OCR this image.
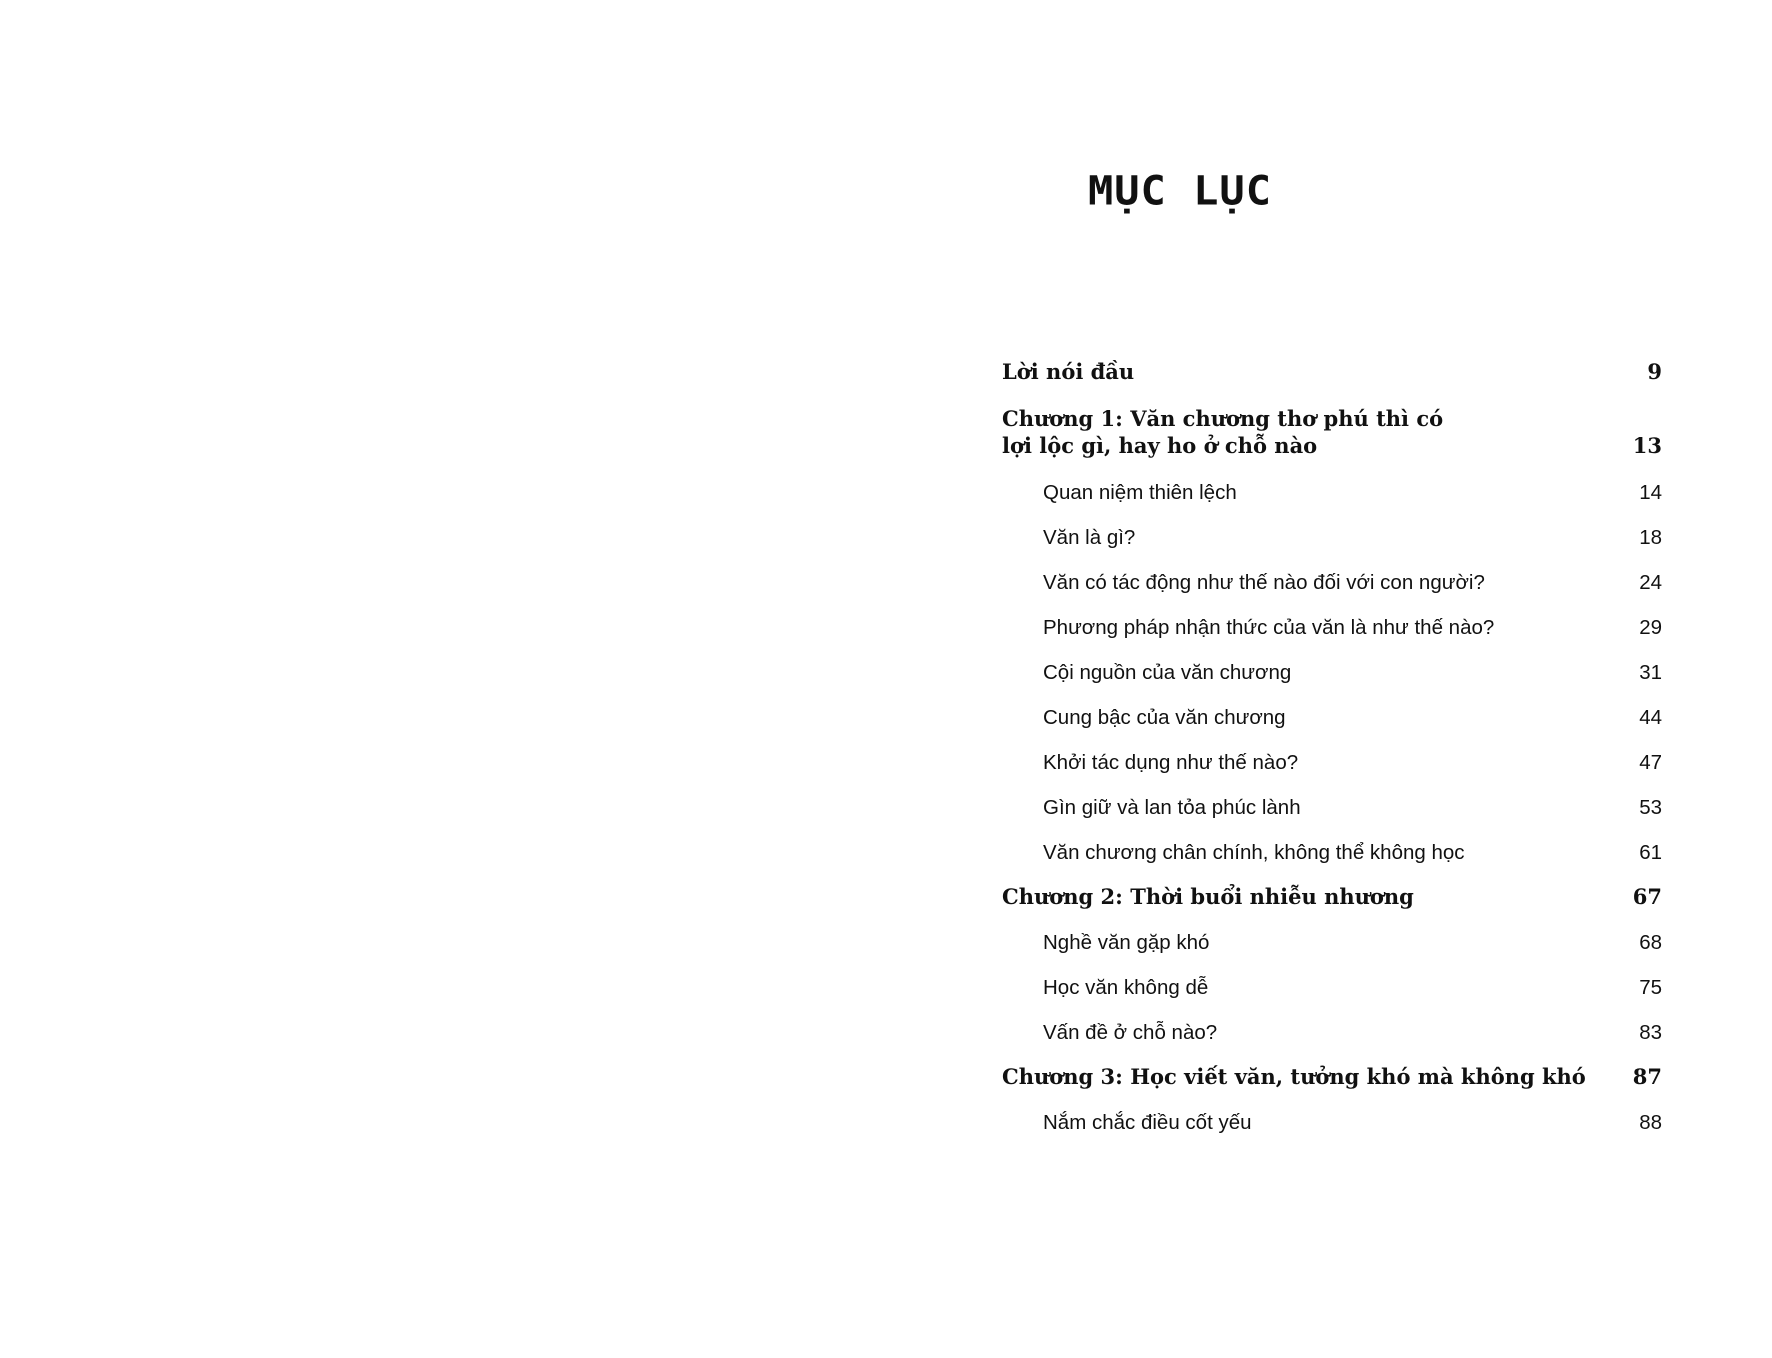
MỤC LỤC
Lời nói đầu	9
Chương 1: Văn chương thơ phú thì có
lợi lộc gì, hay ho ở chỗ nào	13
Quan niệm thiên lệch	14
Văn là gì?	18
Văn có tác động như thế nào đối với con người?	24
Phương pháp nhận thức của văn là như thế nào?	29
Cội nguồn của văn chương	31
Cung bậc của văn chương	44
Khởi tác dụng như thế nào?	47
Gìn giữ và lan tỏa phúc lành	53
Văn chương chân chính, không thể không học	61
Chương 2: Thời buổi nhiễu nhương	67
Nghề văn gặp khó	68
Học văn không dễ	75
Vấn đề ở chỗ nào?	83
Chương 3: Học viết văn, tưởng khó mà không khó	87
Nắm chắc điều cốt yếu	88
